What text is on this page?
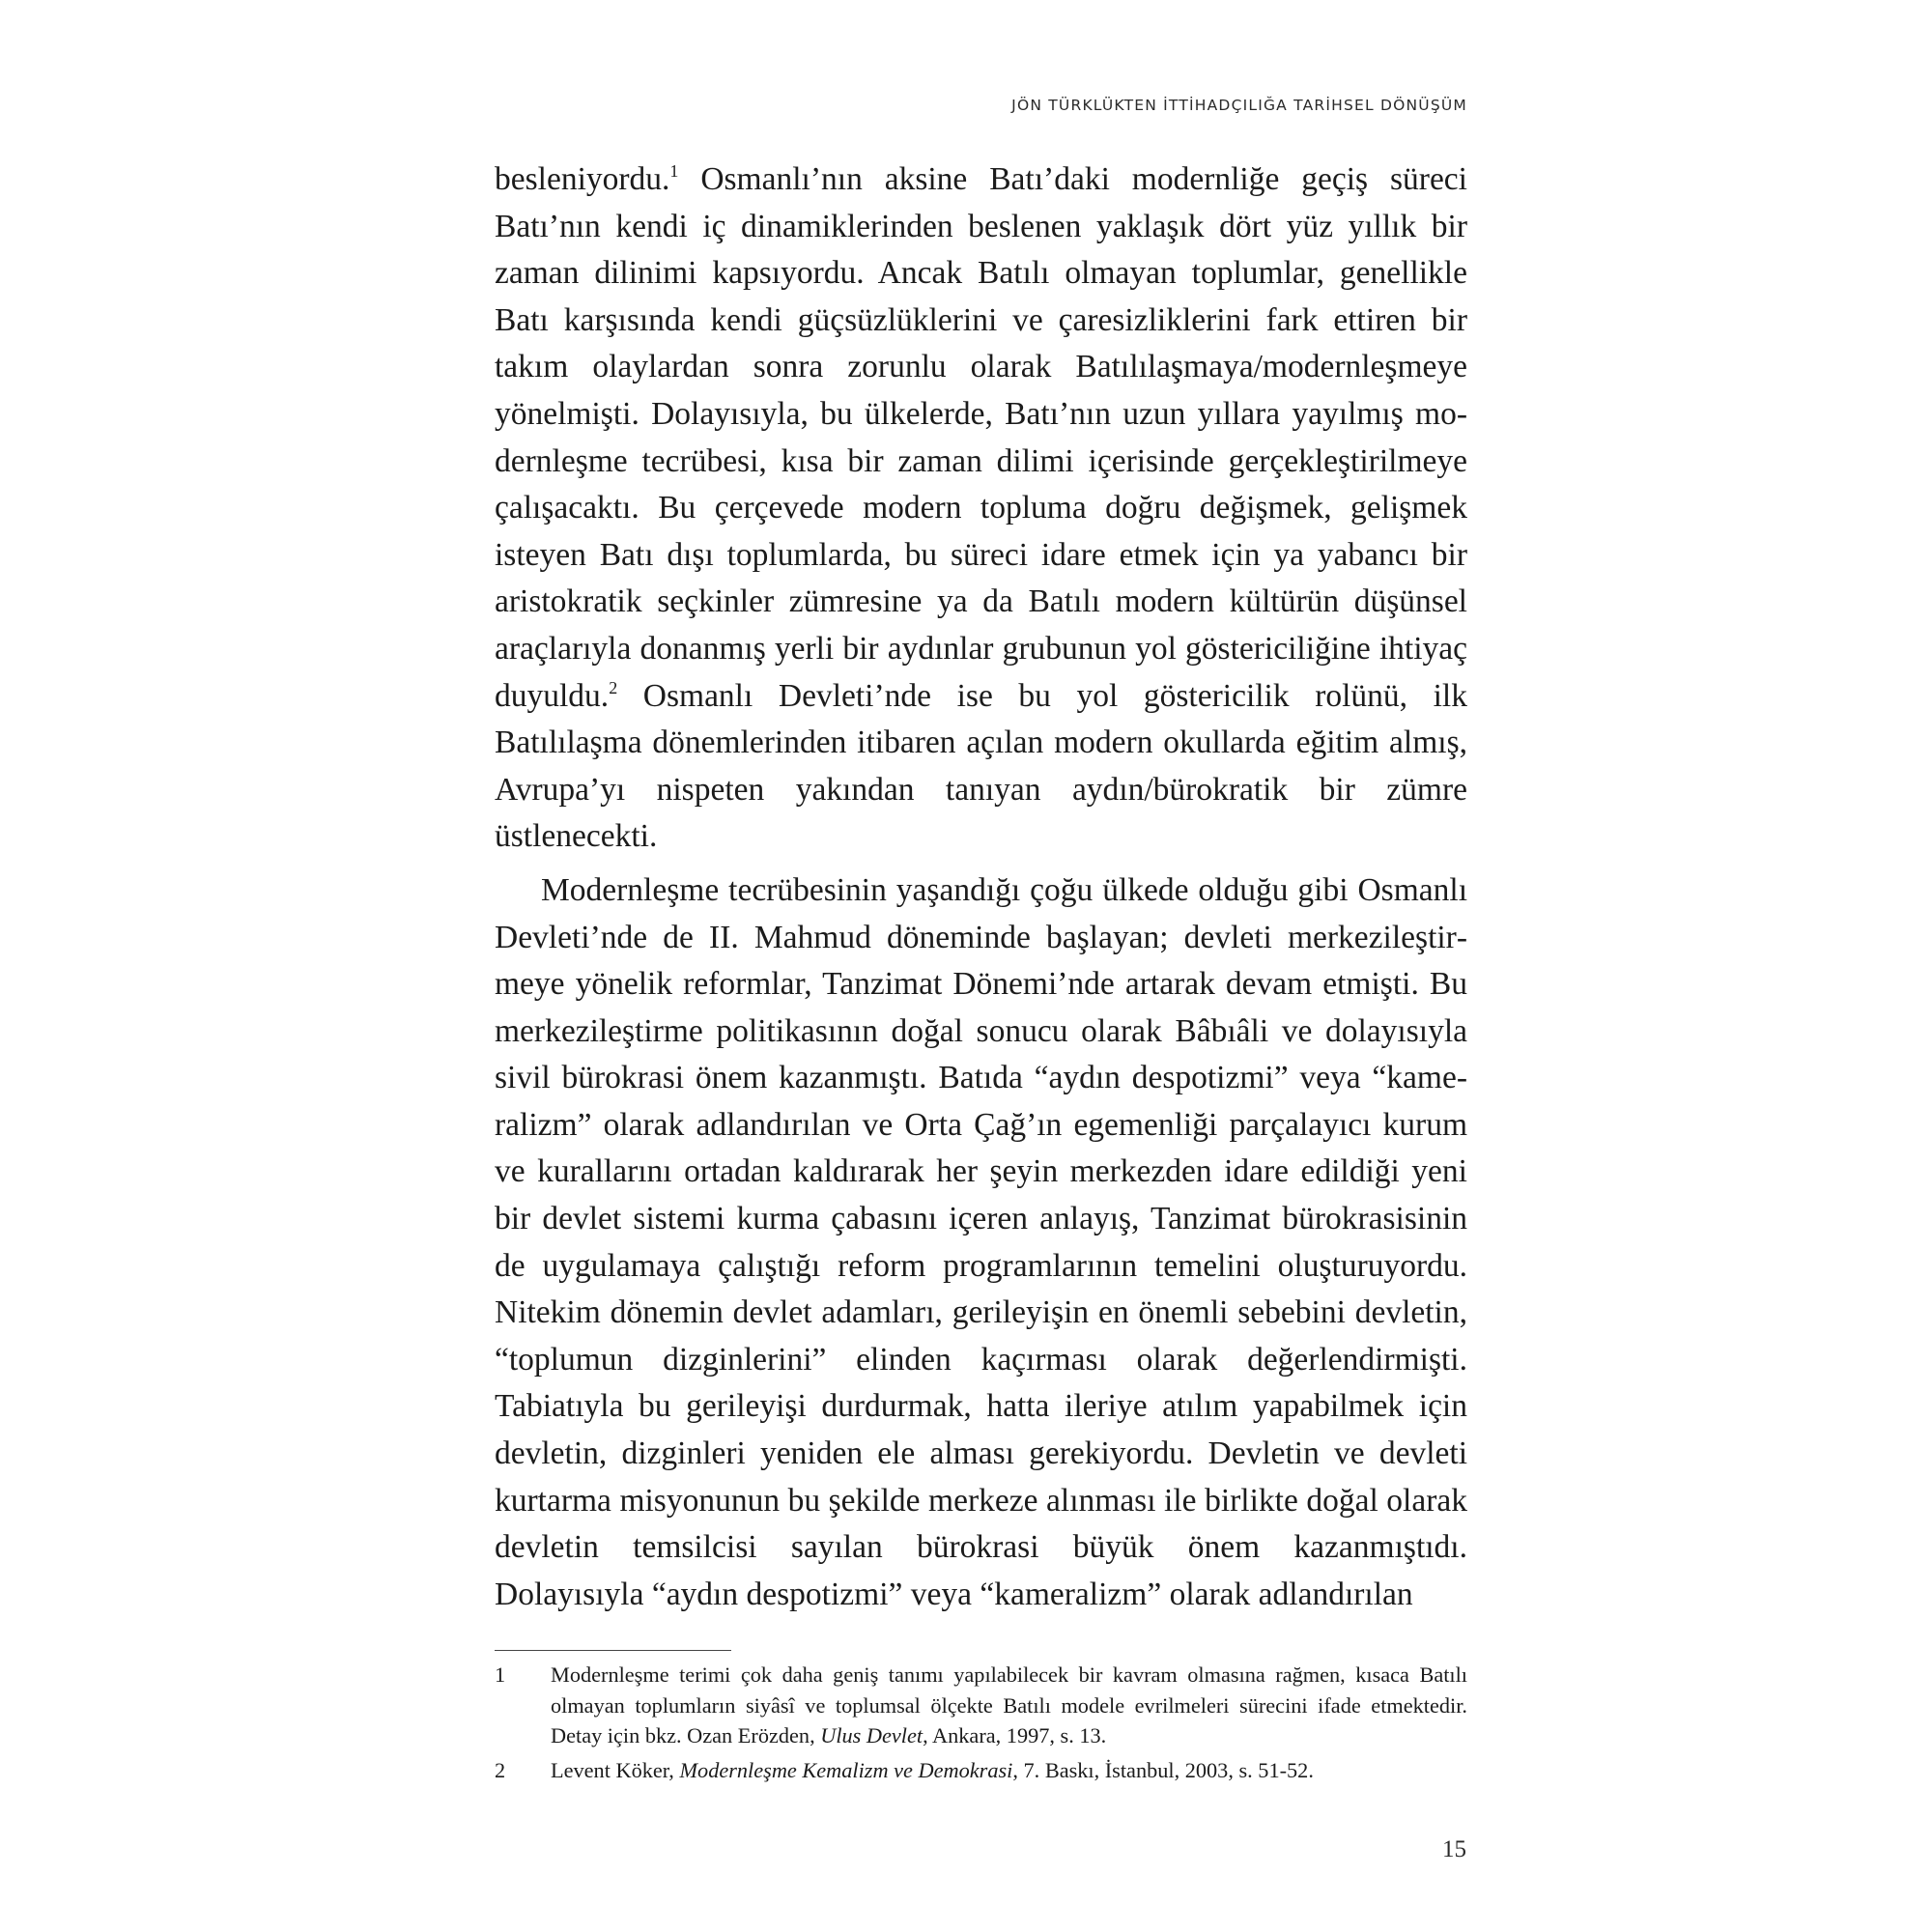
JÖN TÜRKLÜKTEN İTTİHADÇILIĞA TARİHSEL DÖNÜŞÜM

besleniyordu.$^1$ Osmanlı’nın aksine Batı’daki modernliğe geçiş süreci Batı’nın kendi iç dinamiklerinden beslenen yaklaşık dört yüz yıllık bir zaman dilinimi kapsıyordu. Ancak Batılı olmayan toplumlar, genellikle Batı karşısında kendi güçsüzlüklerini ve çaresizliklerini fark ettiren bir takım olaylardan sonra zorunlu olarak Batılılaşmaya/modernleşmeye yönelmişti. Dolayısıyla, bu ülkelerde, Batı’nın uzun yıllara yayılmış modernleşme tecrübesi, kısa bir zaman dilimi içerisinde gerçekleştirilmeye çalışacaktı. Bu çerçevede modern topluma doğru değişmek, gelişmek isteyen Batı dışı toplumlarda, bu süreci idare etmek için ya yabancı bir aristokratik seçkinler zümresine ya da Batılı modern kültürün düşünsel araçlarıyla donanmış yerli bir aydınlar grubunun yol göstericiliğine ihtiyaç duyuldu.$^2$ Osmanlı Devleti’nde ise bu yol göstericilik rolünü, ilk Batılılaşma dönemlerinden itibaren açılan modern okullarda eğitim almış, Avrupa’yı nispeten yakından tanıyan aydın/bürokratik bir zümre üstlenecekti.

Modernleşme tecrübesinin yaşandığı çoğu ülkede olduğu gibi Osmanlı Devleti’nde de II. Mahmud döneminde başlayan; devleti merkezileştirmeye yönelik reformlar, Tanzimat Dönemi’nde artarak devam etmişti. Bu merkezileştirme politikasının doğal sonucu olarak Bâbıâli ve dolayısıyla sivil bürokrasi önem kazanmıştı. Batıda “aydın despotizmi” veya “kameralizm” olarak adlandırılan ve Orta Çağ’ın egemenliği parçalayıcı kurum ve kurallarını ortadan kaldırarak her şeyin merkezden idare edildiği yeni bir devlet sistemi kurma çabasını içeren anlayış, Tanzimat bürokrasisinin de uygulamaya çalıştığı reform programlarının temelini oluşturuyordu. Nitekim dönemin devlet adamları, gerileyişin en önemli sebebini devletin, “toplumun dizginlerini” elinden kaçırması olarak değerlendirmişti. Tabiatıyla bu gerileyişi durdurmak, hatta ileriye atılım yapabilmek için devletin, dizginleri yeniden ele alması gerekiyordu. Devletin ve devleti kurtarma misyonunun bu şekilde merkeze alınması ile birlikte doğal olarak devletin temsilcisi sayılan bürokrasi büyük önem kazanmıştıdı. Dolayısıyla “aydın despotizmi” veya “kameralizm” olarak adlandırılan

1	Modernleşme terimi çok daha geniş tanımı yapılabilecek bir kavram olmasına rağmen, kısaca Batılı olmayan toplumların siyâsî ve toplumsal ölçekte Batılı modele evrilmeleri sürecini ifade etmektedir. Detay için bkz. Ozan Erözden, Ulus Devlet, Ankara, 1997, s. 13.
2	Levent Köker, Modernleşme Kemalizm ve Demokrasi, 7. Baskı, İstanbul, 2003, s. 51-52.
15
